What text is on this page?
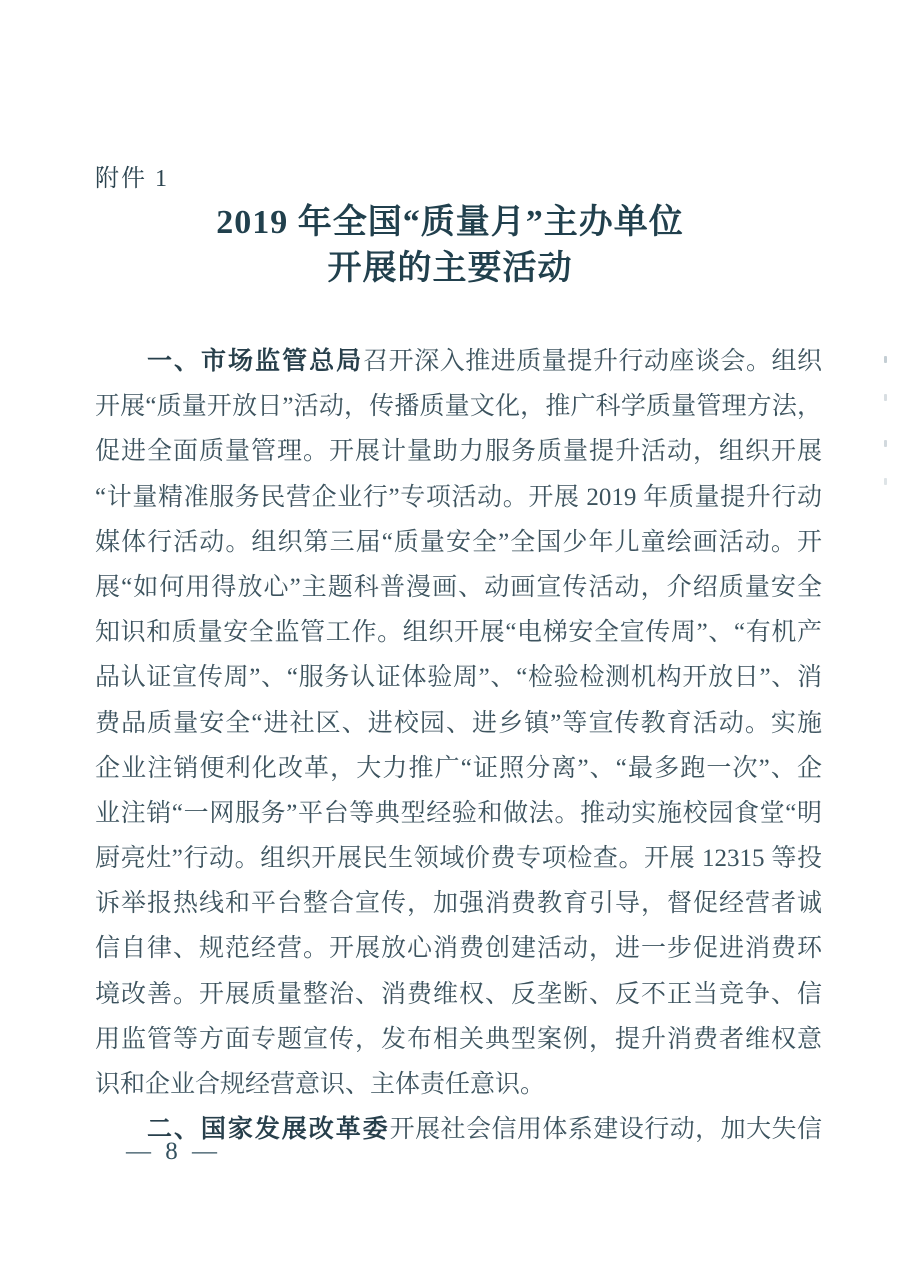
附件 1
2019 年全国“质量月”主办单位
开展的主要活动
一、市场监管总局召开深入推进质量提升行动座谈会。组织
开展“质量开放日”活动，传播质量文化，推广科学质量管理方法，
促进全面质量管理。开展计量助力服务质量提升活动，组织开展
“计量精准服务民营企业行”专项活动。开展 2019 年质量提升行动
媒体行活动。组织第三届“质量安全”全国少年儿童绘画活动。开
展“如何用得放心”主题科普漫画、动画宣传活动，介绍质量安全
知识和质量安全监管工作。组织开展“电梯安全宣传周”、“有机产
品认证宣传周”、“服务认证体验周”、“检验检测机构开放日”、消
费品质量安全“进社区、进校园、进乡镇”等宣传教育活动。实施
企业注销便利化改革，大力推广“证照分离”、“最多跑一次”、企
业注销“一网服务”平台等典型经验和做法。推动实施校园食堂“明
厨亮灶”行动。组织开展民生领域价费专项检查。开展 12315 等投
诉举报热线和平台整合宣传，加强消费教育引导，督促经营者诚
信自律、规范经营。开展放心消费创建活动，进一步促进消费环
境改善。开展质量整治、消费维权、反垄断、反不正当竞争、信
用监管等方面专题宣传，发布相关典型案例，提升消费者维权意
识和企业合规经营意识、主体责任意识。
二、国家发展改革委开展社会信用体系建设行动，加大失信
— 8 —
